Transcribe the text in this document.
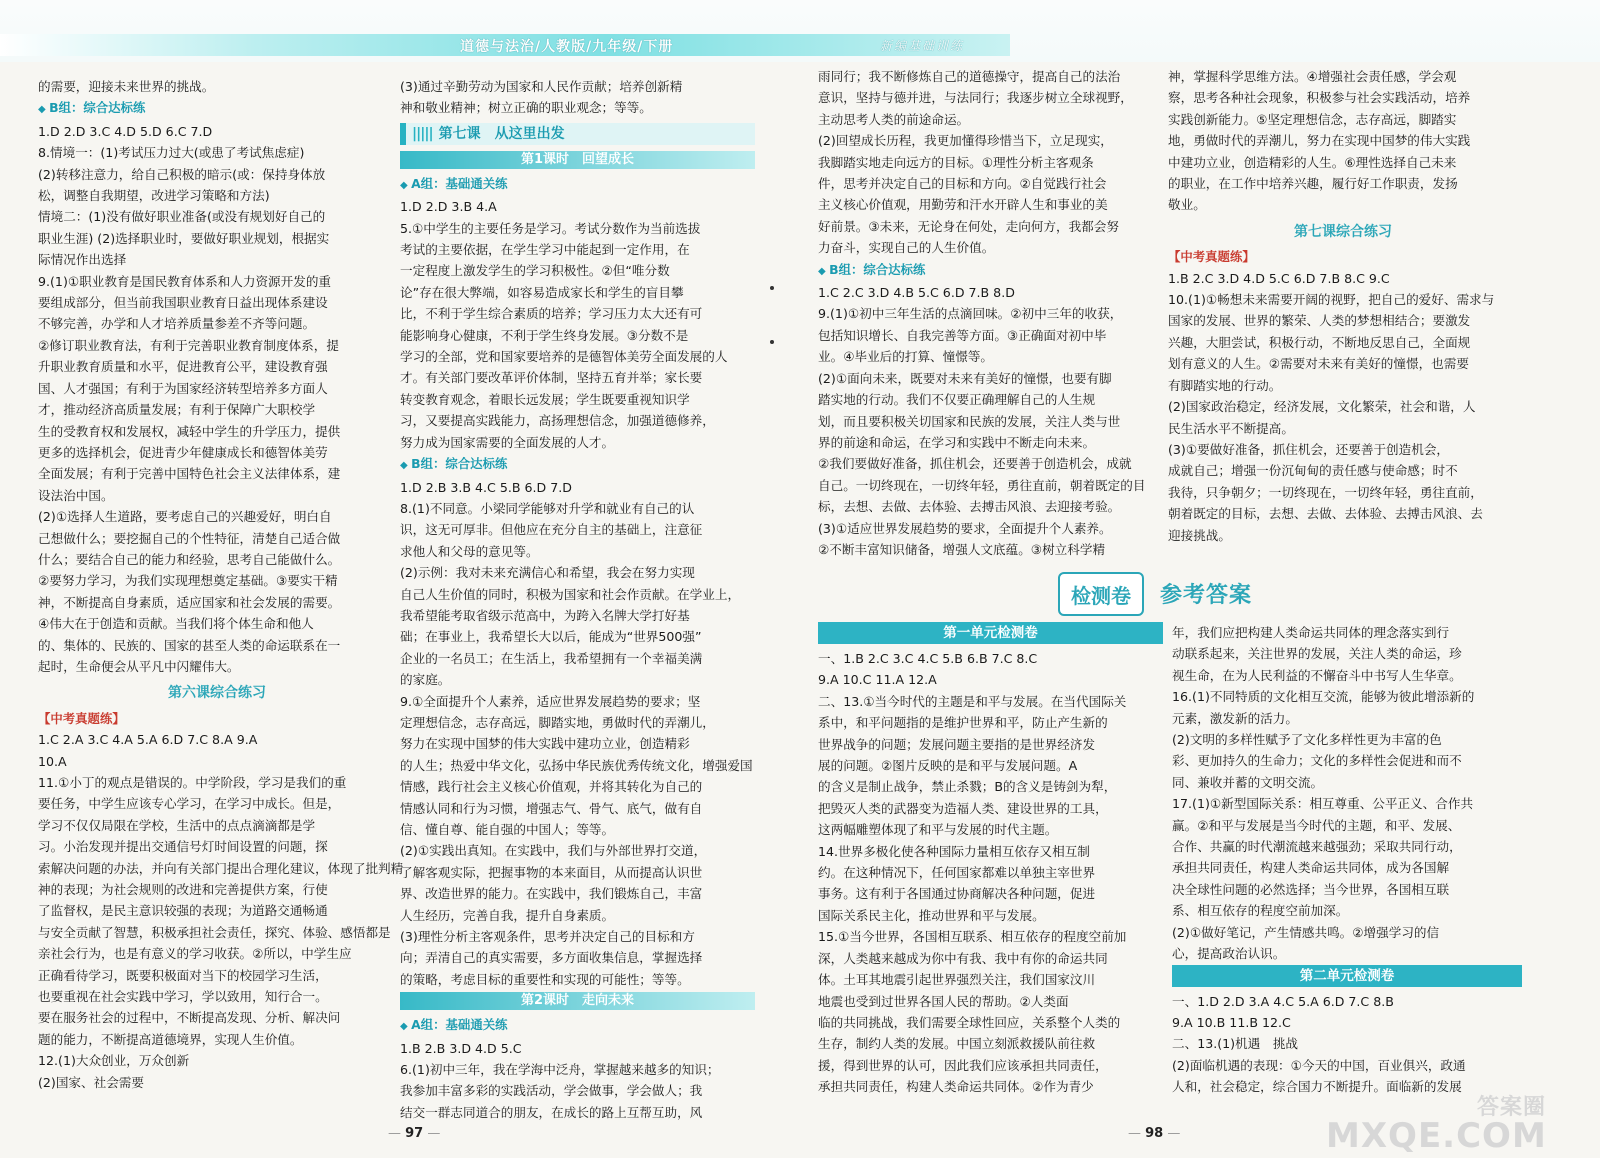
道德与法治/人教版/九年级/下册	新编基础训练

的需要，迎接未来世界的挑战。

◆ B组：综合达标练

1.D 2.D 3.C 4.D 5.D 6.C 7.D

8.情境一：(1)考试压力过大(或患了考试焦虑症)

(2)转移注意力，给自己积极的暗示(或：保持身体放

松，调整自我期望，改进学习策略和方法)

情境二：(1)没有做好职业准备(或没有规划好自己的

职业生涯) (2)选择职业时，要做好职业规划，根据实

际情况作出选择

9.(1)①职业教育是国民教育体系和人力资源开发的重

要组成部分，但当前我国职业教育日益出现体系建设

不够完善，办学和人才培养质量参差不齐等问题。

②修订职业教育法，有利于完善职业教育制度体系，提

升职业教育质量和水平，促进教育公平，建设教育强

国、人才强国；有利于为国家经济转型培养多方面人

才，推动经济高质量发展；有利于保障广大职校学

生的受教育权和发展权，减轻中学生的升学压力，提供

更多的选择机会，促进青少年健康成长和德智体美劳

全面发展；有利于完善中国特色社会主义法律体系，建

设法治中国。

(2)①选择人生道路，要考虑自己的兴趣爱好，明白自

己想做什么；要挖掘自己的个性特征，清楚自己适合做

什么；要结合自己的能力和经验，思考自己能做什么。

②要努力学习，为我们实现理想奠定基础。③要实干精

神，不断提高自身素质，适应国家和社会发展的需要。

④伟大在于创造和贡献。当我们将个体生命和他人

的、集体的、民族的、国家的甚至人类的命运联系在一

起时，生命便会从平凡中闪耀伟大。

第六课综合练习

【中考真题练】

1.C 2.A 3.C 4.A 5.A 6.D 7.C 8.A 9.A

10.A

11.①小丁的观点是错误的。中学阶段，学习是我们的重

要任务，中学生应该专心学习，在学习中成长。但是，

学习不仅仅局限在学校，生活中的点点滴滴都是学

习。小治发现并提出交通信号灯时间设置的问题，探

索解决问题的办法，并向有关部门提出合理化建议，体现了批判精

神的表现；为社会规则的改进和完善提供方案，行使

了监督权，是民主意识较强的表现；为道路交通畅通

与安全贡献了智慧，积极承担社会责任，探究、体验、感悟都是

亲社会行为，也是有意义的学习收获。②所以，中学生应

正确看待学习，既要积极面对当下的校园学习生活，

也要重视在社会实践中学习，学以致用，知行合一。

要在服务社会的过程中，不断提高发现、分析、解决问

题的能力，不断提高道德境界，实现人生价值。

12.(1)大众创业，万众创新

(2)国家、社会需要

(3)通过辛勤劳动为国家和人民作贡献；培养创新精

神和敬业精神；树立正确的职业观念；等等。

||||| 第七课　从这里出发
第1课时　回望成长

◆ A组：基础通关练

1.D 2.D 3.B 4.A

5.①中学生的主要任务是学习。考试分数作为当前选拔

考试的主要依据，在学生学习中能起到一定作用，在

一定程度上激发学生的学习积极性。②但“唯分数

论”存在很大弊端，如容易造成家长和学生的盲目攀

比，不利于学生综合素质的培养；学习压力太大还有可

能影响身心健康，不利于学生终身发展。③分数不是

学习的全部，党和国家要培养的是德智体美劳全面发展的人

才。有关部门要改革评价体制，坚持五育并举；家长要

转变教育观念，着眼长远发展；学生既要重视知识学

习，又要提高实践能力，高扬理想信念，加强道德修养，

努力成为国家需要的全面发展的人才。

◆ B组：综合达标练

1.D 2.B 3.B 4.C 5.B 6.D 7.D

8.(1)不同意。小梁同学能够对升学和就业有自己的认

识，这无可厚非。但他应在充分自主的基础上，注意征

求他人和父母的意见等。

(2)示例：我对未来充满信心和希望，我会在努力实现

自己人生价值的同时，积极为国家和社会作贡献。在学业上，

我希望能考取省级示范高中，为跨入名牌大学打好基

础；在事业上，我希望长大以后，能成为“世界500强”

企业的一名员工；在生活上，我希望拥有一个幸福美满

的家庭。

9.①全面提升个人素养，适应世界发展趋势的要求；坚

定理想信念，志存高远，脚踏实地，勇做时代的弄潮儿，

努力在实现中国梦的伟大实践中建功立业，创造精彩

的人生；热爱中华文化，弘扬中华民族优秀传统文化，增强爱国

情感，践行社会主义核心价值观，并将其转化为自己的

情感认同和行为习惯，增强志气、骨气、底气，做有自

信、懂自尊、能自强的中国人；等等。

(2)①实践出真知。在实践中，我们与外部世界打交道，

了解客观实际，把握事物的本来面目，从而提高认识世

界、改造世界的能力。在实践中，我们锻炼自己，丰富

人生经历，完善自我，提升自身素质。

(3)理性分析主客观条件，思考并决定自己的目标和方

向；弄清自己的真实需要，多方面收集信息，掌握选择

的策略，考虑目标的重要性和实现的可能性；等等。

第2课时　走向未来

◆ A组：基础通关练

1.B 2.B 3.D 4.D 5.C

6.(1)初中三年，我在学海中泛舟，掌握越来越多的知识；

我参加丰富多彩的实践活动，学会做事，学会做人；我

结交一群志同道合的朋友，在成长的路上互帮互助，风

雨同行；我不断修炼自己的道德操守，提高自己的法治

意识，坚持与德并进，与法同行；我逐步树立全球视野，

主动思考人类的前途命运。

(2)回望成长历程，我更加懂得珍惜当下，立足现实，

我脚踏实地走向远方的目标。①理性分析主客观条

件，思考并决定自己的目标和方向。②自觉践行社会

主义核心价值观，用勤劳和汗水开辟人生和事业的美

好前景。③未来，无论身在何处，走向何方，我都会努

力奋斗，实现自己的人生价值。

◆ B组：综合达标练

1.C 2.C 3.D 4.B 5.C 6.D 7.B 8.D

9.(1)①初中三年生活的点滴回味。②初中三年的收获，

包括知识增长、自我完善等方面。③正确面对初中毕

业。④毕业后的打算、憧憬等。

(2)①面向未来，既要对未来有美好的憧憬，也要有脚

踏实地的行动。我们不仅要正确理解自己的人生规

划，而且要积极关切国家和民族的发展，关注人类与世

界的前途和命运，在学习和实践中不断走向未来。

②我们要做好准备，抓住机会，还要善于创造机会，成就

自己。一切终现在，一切终年轻，勇往直前，朝着既定的目

标，去想、去做、去体验、去搏击风浪、去迎接考验。

(3)①适应世界发展趋势的要求，全面提升个人素养。

②不断丰富知识储备，增强人文底蕴。③树立科学精

神，掌握科学思维方法。④增强社会责任感，学会观

察，思考各种社会现象，积极参与社会实践活动，培养

实践创新能力。⑤坚定理想信念，志存高远，脚踏实

地，勇做时代的弄潮儿，努力在实现中国梦的伟大实践

中建功立业，创造精彩的人生。⑥理性选择自己未来

的职业，在工作中培养兴趣，履行好工作职责，发扬

敬业。

第七课综合练习

【中考真题练】

1.B 2.C 3.D 4.D 5.C 6.D 7.B 8.C 9.C

10.(1)①畅想未来需要开阔的视野，把自己的爱好、需求与

国家的发展、世界的繁荣、人类的梦想相结合；要激发

兴趣，大胆尝试，积极行动，不断地反思自己，全面规

划有意义的人生。②需要对未来有美好的憧憬，也需要

有脚踏实地的行动。

(2)国家政治稳定，经济发展，文化繁荣，社会和谐，人

民生活水平不断提高。

(3)①要做好准备，抓住机会，还要善于创造机会，

成就自己；增强一份沉甸甸的责任感与使命感；时不

我待，只争朝夕；一切终现在，一切终年轻，勇往直前，

朝着既定的目标，去想、去做、去体验、去搏击风浪、去

迎接挑战。

检测卷	参考答案
第一单元检测卷

一、1.B 2.C 3.C 4.C 5.B 6.B 7.C 8.C

9.A 10.C 11.A 12.A

二、13.①当今时代的主题是和平与发展。在当代国际关

系中，和平问题指的是维护世界和平，防止产生新的

世界战争的问题；发展问题主要指的是世界经济发

展的问题。②图片反映的是和平与发展问题。A

的含义是制止战争，禁止杀戮；B的含义是铸剑为犁，

把毁灭人类的武器变为造福人类、建设世界的工具，

这两幅雕塑体现了和平与发展的时代主题。

14.世界多极化使各种国际力量相互依存又相互制

约。在这种情况下，任何国家都难以单独主宰世界

事务。这有利于各国通过协商解决各种问题，促进

国际关系民主化，推动世界和平与发展。

15.①当今世界，各国相互联系、相互依存的程度空前加

深，人类越来越成为你中有我、我中有你的命运共同

体。土耳其地震引起世界强烈关注，我们国家汶川

地震也受到过世界各国人民的帮助。②人类面

临的共同挑战，我们需要全球性回应，关系整个人类的

生存，制约人类的发展。中国立刻派救援队前往救

援，得到世界的认可，因此我们应该承担共同责任，

承担共同责任，构建人类命运共同体。②作为青少

年，我们应把构建人类命运共同体的理念落实到行

动联系起来，关注世界的发展，关注人类的命运，珍

视生命，在为人民利益的不懈奋斗中书写人生华章。

16.(1)不同特质的文化相互交流，能够为彼此增添新的

元素，激发新的活力。

(2)文明的多样性赋予了文化多样性更为丰富的色

彩、更加持久的生命力；文化的多样性会促进和而不

同、兼收并蓄的文明交流。

17.(1)①新型国际关系：相互尊重、公平正义、合作共

赢。②和平与发展是当今时代的主题，和平、发展、

合作、共赢的时代潮流越来越强劲；采取共同行动，

承担共同责任，构建人类命运共同体，成为各国解

决全球性问题的必然选择；当今世界，各国相互联

系、相互依存的程度空前加深。

(2)①做好笔记，产生情感共鸣。②增强学习的信

心，提高政治认识。

第二单元检测卷

一、1.D 2.D 3.A 4.C 5.A 6.D 7.C 8.B

9.A 10.B 11.B 12.C

二、13.(1)机遇　挑战

(2)面临机遇的表现：①今天的中国，百业俱兴，政通

人和，社会稳定，综合国力不断提升。面临新的发展

— 97 —	— 98 —
答案圈
MXQE.COM
